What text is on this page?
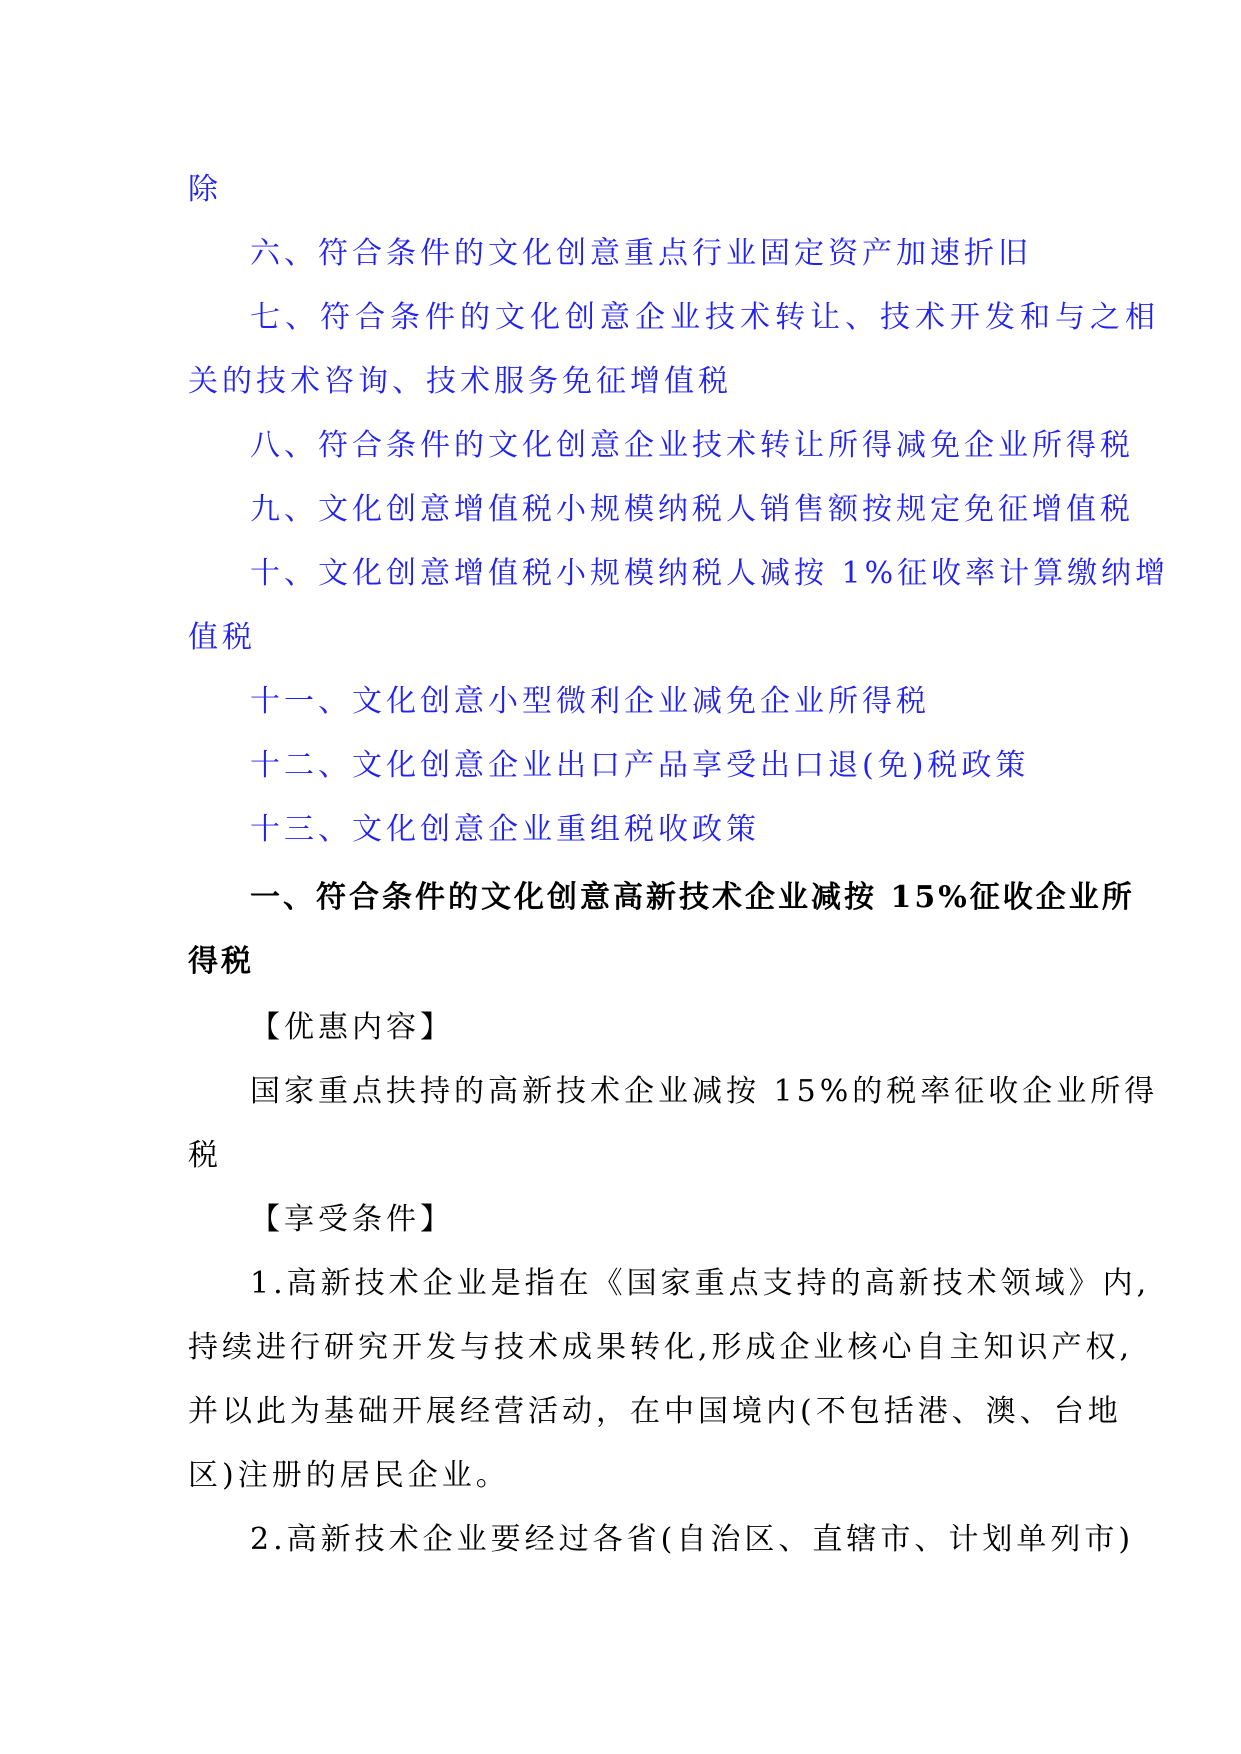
除
六、符合条件的文化创意重点行业固定资产加速折旧
七、符合条件的文化创意企业技术转让、技术开发和与之相
关的技术咨询、技术服务免征增值税
八、符合条件的文化创意企业技术转让所得减免企业所得税
九、文化创意增值税小规模纳税人销售额按规定免征增值税
十、文化创意增值税小规模纳税人减按 1%征收率计算缴纳增
值税
十一、文化创意小型微利企业减免企业所得税
十二、文化创意企业出口产品享受出口退(免)税政策
十三、文化创意企业重组税收政策
一、符合条件的文化创意高新技术企业减按 15%征收企业所
得税
【优惠内容】
国家重点扶持的高新技术企业减按 15%的税率征收企业所得
税
【享受条件】
1.高新技术企业是指在《国家重点支持的高新技术领域》内,
持续进行研究开发与技术成果转化,形成企业核心自主知识产权,
并以此为基础开展经营活动，在中国境内(不包括港、澳、台地
区)注册的居民企业。
2.高新技术企业要经过各省(自治区、直辖市、计划单列市)
